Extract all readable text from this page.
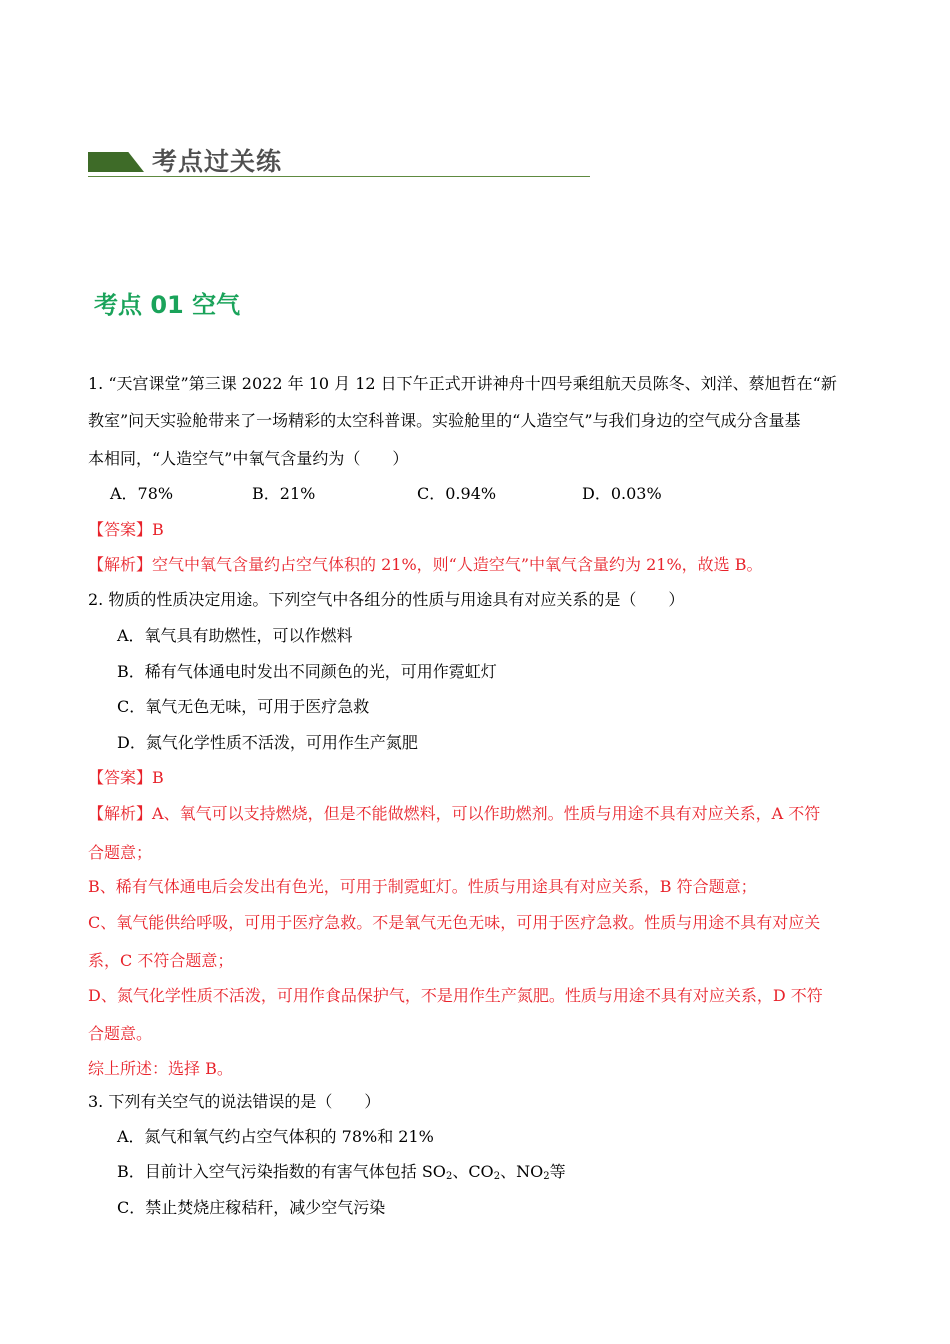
考点过关练
考点 01 空气
1. “天宫课堂”第三课 2022 年 10 月 12 日下午正式开讲神舟十四号乘组航天员陈冬、刘洋、蔡旭哲在“新
教室”问天实验舱带来了一场精彩的太空科普课。实验舱里的“人造空气”与我们身边的空气成分含量基
本相同，“人造空气”中氧气含量约为（　　）
A．78%	B．21%	C．0.94%	D．0.03%
【答案】B
【解析】空气中氧气含量约占空气体积的 21%，则“人造空气”中氧气含量约为 21%，故选 B。
2. 物质的性质决定用途。下列空气中各组分的性质与用途具有对应关系的是（　　）
A．氧气具有助燃性，可以作燃料
B．稀有气体通电时发出不同颜色的光，可用作霓虹灯
C．氧气无色无味，可用于医疗急救
D．氮气化学性质不活泼，可用作生产氮肥
【答案】B
【解析】A、氧气可以支持燃烧，但是不能做燃料，可以作助燃剂。性质与用途不具有对应关系，A 不符
合题意；
B、稀有气体通电后会发出有色光，可用于制霓虹灯。性质与用途具有对应关系，B 符合题意；
C、氧气能供给呼吸，可用于医疗急救。不是氧气无色无味，可用于医疗急救。性质与用途不具有对应关
系，C 不符合题意；
D、氮气化学性质不活泼，可用作食品保护气，不是用作生产氮肥。性质与用途不具有对应关系，D 不符
合题意。
综上所述：选择 B。
3. 下列有关空气的说法错误的是（　　）
A．氮气和氧气约占空气体积的 78%和 21%
B．目前计入空气污染指数的有害气体包括 $SO_2$、$CO_2$、$NO_2$等
C．禁止焚烧庄稼秸秆，减少空气污染
